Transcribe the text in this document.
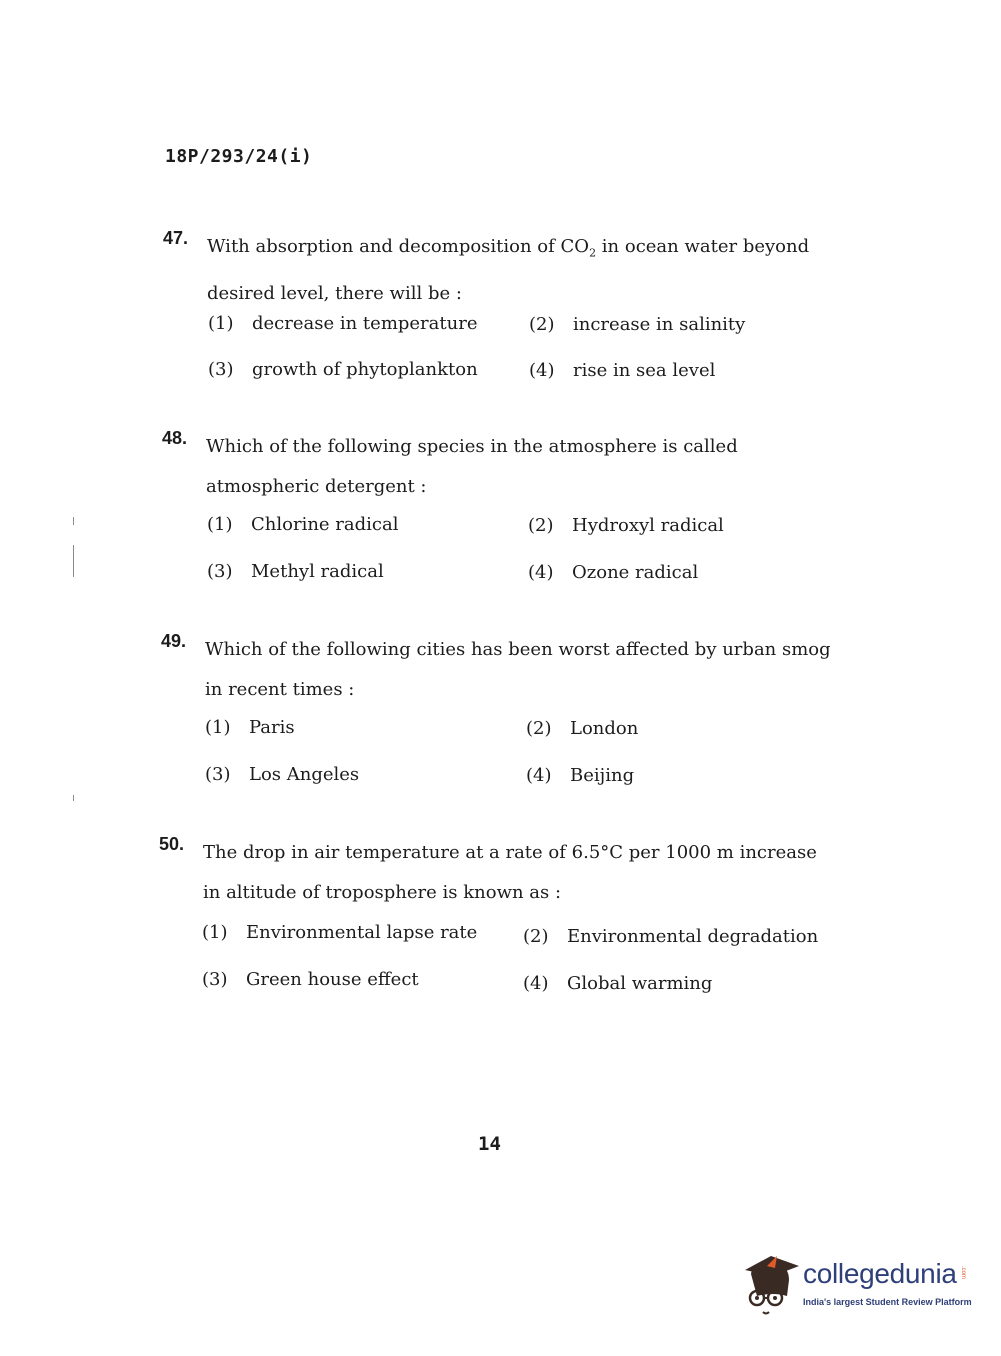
18P/293/24(i)
47. With absorption and decomposition of $CO_2$ in ocean water beyond desired level, there will be :
(1) decrease in temperature	(2) increase in salinity
(3) growth of phytoplankton	(4) rise in sea level
48. Which of the following species in the atmosphere is called atmospheric detergent :
(1) Chlorine radical	(2) Hydroxyl radical
(3) Methyl radical	(4) Ozone radical
49. Which of the following cities has been worst affected by urban smog in recent times :
(1) Paris	(2) London
(3) Los Angeles	(4) Beijing
50. The drop in air temperature at a rate of 6.5°C per 1000 m increase in altitude of troposphere is known as :
(1) Environmental lapse rate	(2) Environmental degradation
(3) Green house effect	(4) Global warming
14
collegedunia .com
India's largest Student Review Platform
